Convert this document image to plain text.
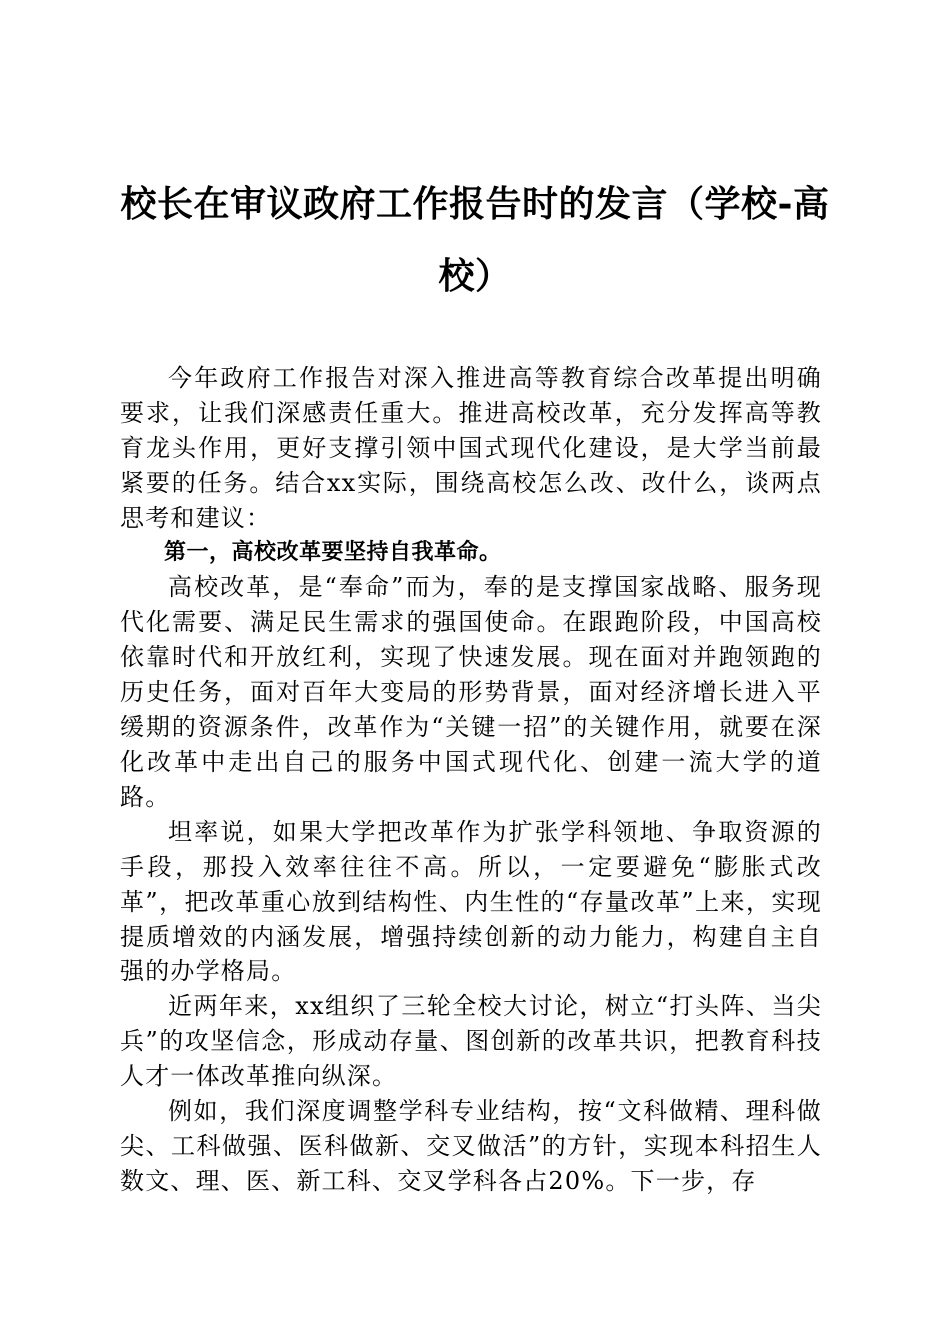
校长在审议政府工作报告时的发言（学校-高校）

今年政府工作报告对深入推进高等教育综合改革提出明确要求，让我们深感责任重大。推进高校改革，充分发挥高等教育龙头作用，更好支撑引领中国式现代化建设，是大学当前最紧要的任务。结合xx实际，围绕高校怎么改、改什么，谈两点思考和建议：

第一，高校改革要坚持自我革命。

高校改革，是“奉命”而为，奉的是支撑国家战略、服务现代化需要、满足民生需求的强国使命。在跟跑阶段，中国高校依靠时代和开放红利，实现了快速发展。现在面对并跑领跑的历史任务，面对百年大变局的形势背景，面对经济增长进入平缓期的资源条件，改革作为“关键一招”的关键作用，就要在深化改革中走出自己的服务中国式现代化、创建一流大学的道路。

坦率说，如果大学把改革作为扩张学科领地、争取资源的手段，那投入效率往往不高。所以，一定要避免“膨胀式改革”，把改革重心放到结构性、内生性的“存量改革”上来，实现提质增效的内涵发展，增强持续创新的动力能力，构建自主自强的办学格局。

近两年来，xx组织了三轮全校大讨论，树立“打头阵、当尖兵”的攻坚信念，形成动存量、图创新的改革共识，把教育科技人才一体改革推向纵深。

例如，我们深度调整学科专业结构，按“文科做精、理科做尖、工科做强、医科做新、交叉做活”的方针，实现本科招生人数文、理、医、新工科、交叉学科各占20%。下一步，存
